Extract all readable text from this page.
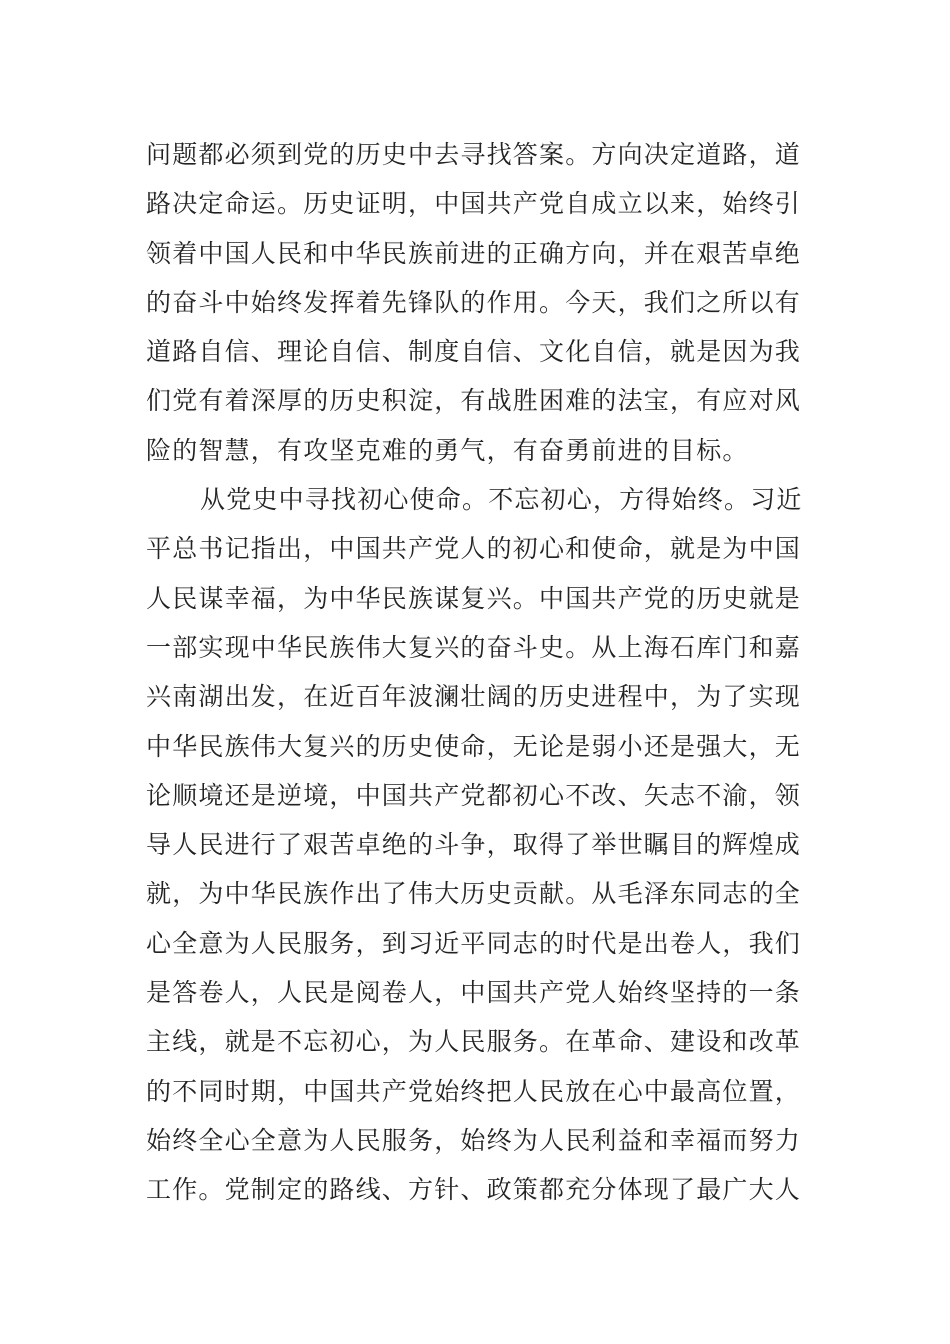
问题都必须到党的历史中去寻找答案。方向决定道路，道
路决定命运。历史证明，中国共产党自成立以来，始终引
领着中国人民和中华民族前进的正确方向，并在艰苦卓绝
的奋斗中始终发挥着先锋队的作用。今天，我们之所以有
道路自信、理论自信、制度自信、文化自信，就是因为我
们党有着深厚的历史积淀，有战胜困难的法宝，有应对风
险的智慧，有攻坚克难的勇气，有奋勇前进的目标。
从党史中寻找初心使命。不忘初心，方得始终。习近
平总书记指出，中国共产党人的初心和使命，就是为中国
人民谋幸福，为中华民族谋复兴。中国共产党的历史就是
一部实现中华民族伟大复兴的奋斗史。从上海石库门和嘉
兴南湖出发，在近百年波澜壮阔的历史进程中，为了实现
中华民族伟大复兴的历史使命，无论是弱小还是强大，无
论顺境还是逆境，中国共产党都初心不改、矢志不渝，领
导人民进行了艰苦卓绝的斗争，取得了举世瞩目的辉煌成
就，为中华民族作出了伟大历史贡献。从毛泽东同志的全
心全意为人民服务，到习近平同志的时代是出卷人，我们
是答卷人，人民是阅卷人，中国共产党人始终坚持的一条
主线，就是不忘初心，为人民服务。在革命、建设和改革
的不同时期，中国共产党始终把人民放在心中最高位置，
始终全心全意为人民服务，始终为人民利益和幸福而努力
工作。党制定的路线、方针、政策都充分体现了最广大人
